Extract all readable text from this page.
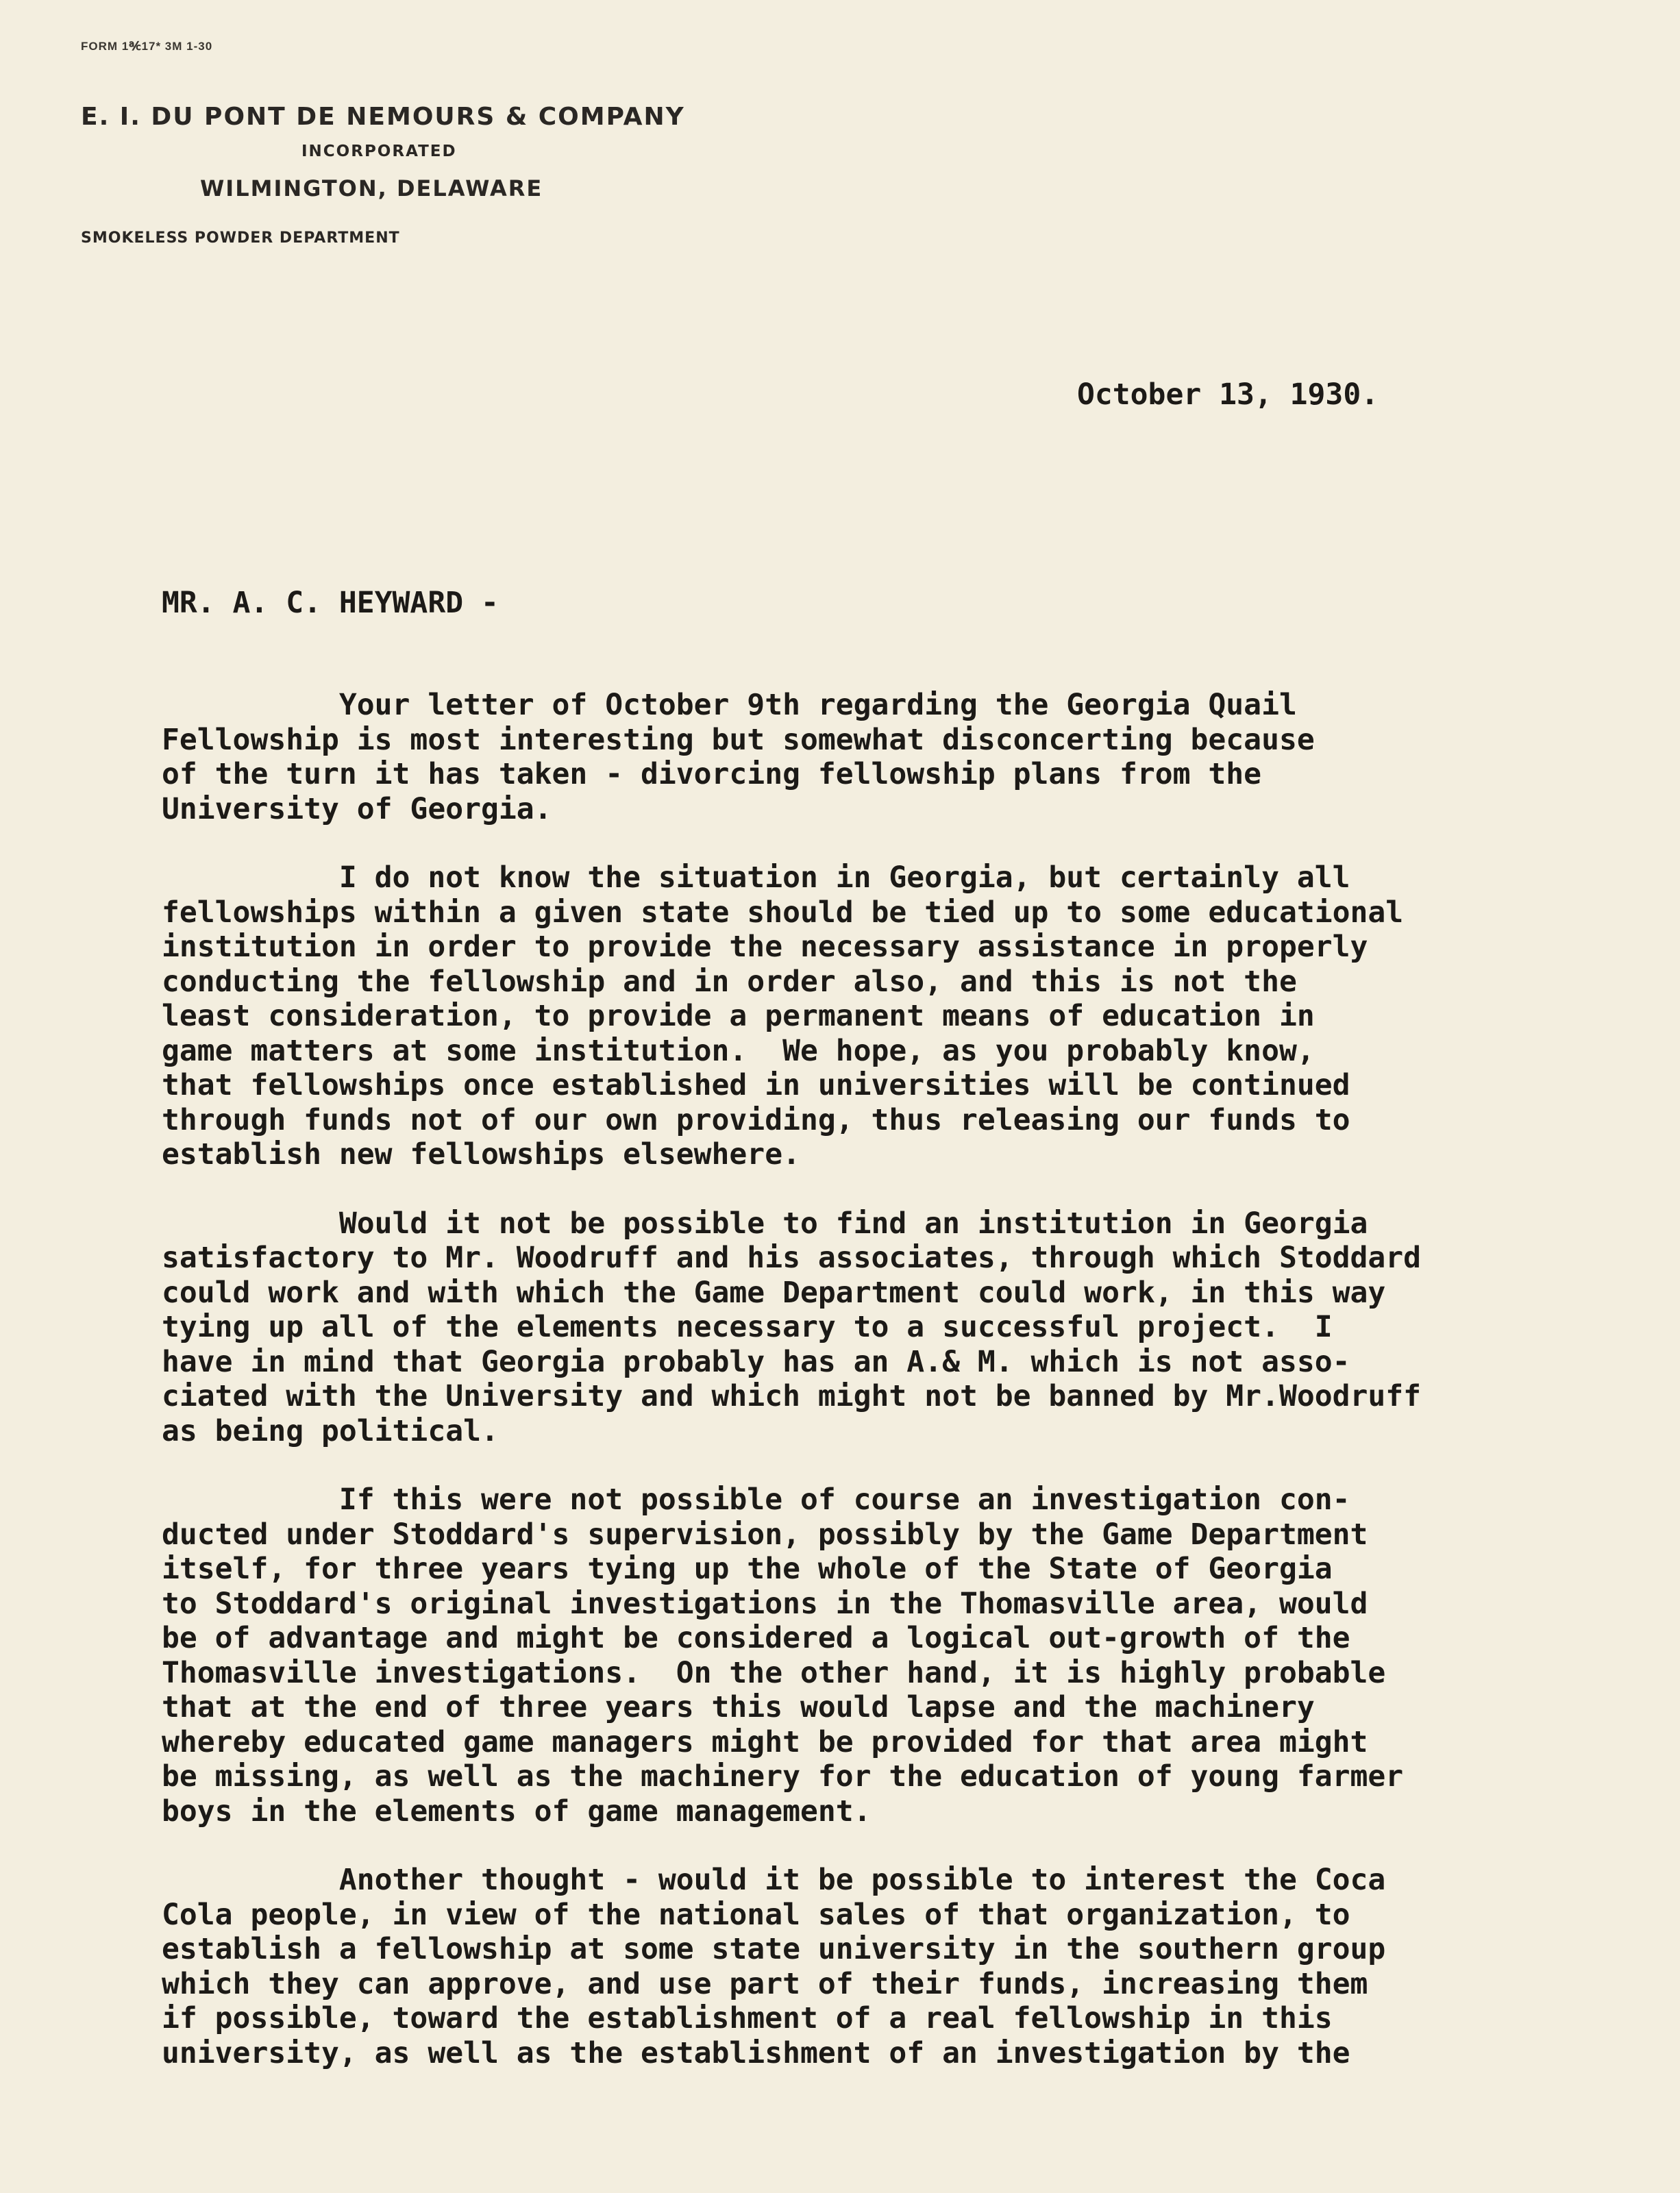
FORM 1℀17* 3M 1-30
E. I. DU PONT DE NEMOURS & COMPANY
INCORPORATED
WILMINGTON, DELAWARE
SMOKELESS POWDER DEPARTMENT
October 13, 1930.
MR. A. C. HEYWARD -
Your letter of October 9th regarding the Georgia Quail
Fellowship is most interesting but somewhat disconcerting because
of the turn it has taken - divorcing fellowship plans from the
University of Georgia.
I do not know the situation in Georgia, but certainly all
fellowships within a given state should be tied up to some educational
institution in order to provide the necessary assistance in properly
conducting the fellowship and in order also, and this is not the
least consideration, to provide a permanent means of education in
game matters at some institution.  We hope, as you probably know,
that fellowships once established in universities will be continued
through funds not of our own providing, thus releasing our funds to
establish new fellowships elsewhere.
Would it not be possible to find an institution in Georgia
satisfactory to Mr. Woodruff and his associates, through which Stoddard
could work and with which the Game Department could work, in this way
tying up all of the elements necessary to a successful project.  I
have in mind that Georgia probably has an A.& M. which is not asso-
ciated with the University and which might not be banned by Mr.Woodruff
as being political.
If this were not possible of course an investigation con-
ducted under Stoddard's supervision, possibly by the Game Department
itself, for three years tying up the whole of the State of Georgia
to Stoddard's original investigations in the Thomasville area, would
be of advantage and might be considered a logical out-growth of the
Thomasville investigations.  On the other hand, it is highly probable
that at the end of three years this would lapse and the machinery
whereby educated game managers might be provided for that area might
be missing, as well as the machinery for the education of young farmer
boys in the elements of game management.
Another thought - would it be possible to interest the Coca
Cola people, in view of the national sales of that organization, to
establish a fellowship at some state university in the southern group
which they can approve, and use part of their funds, increasing them
if possible, toward the establishment of a real fellowship in this
university, as well as the establishment of an investigation by the
